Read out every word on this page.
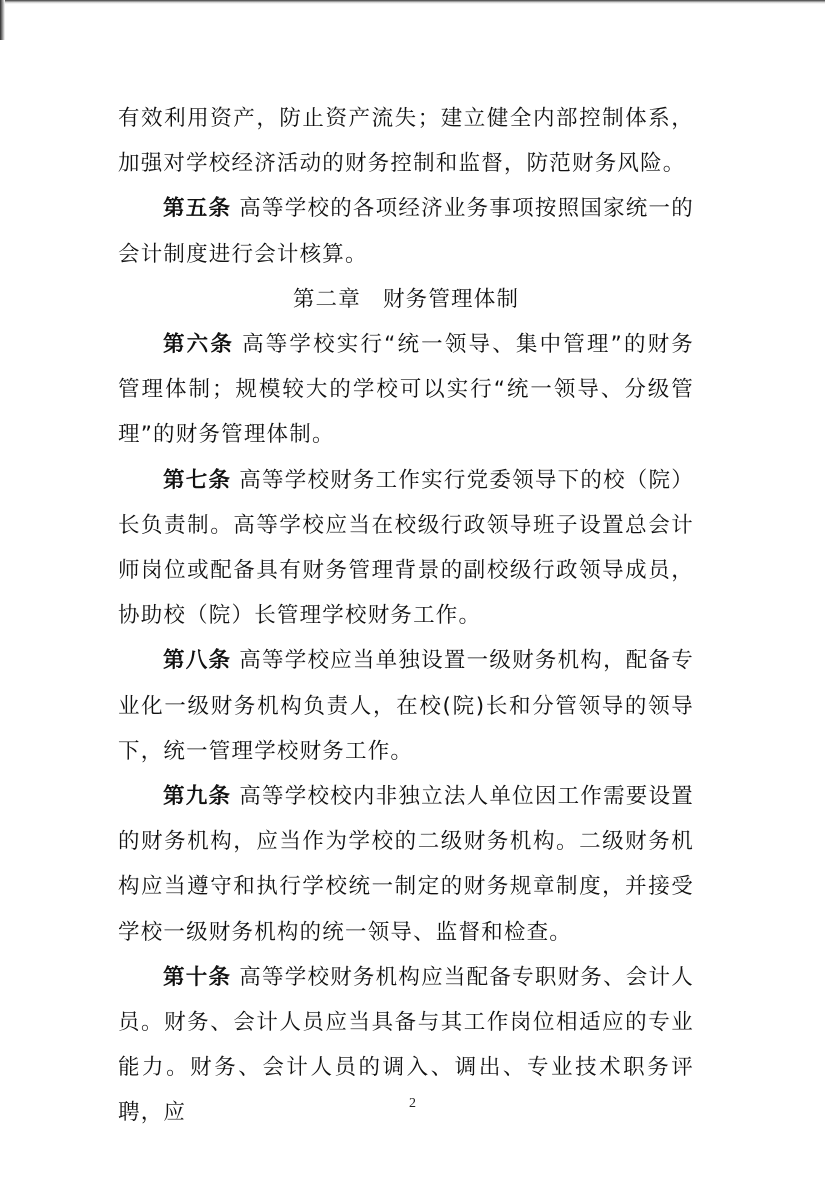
有效利用资产，防止资产流失；建立健全内部控制体系，加强对学校经济活动的财务控制和监督，防范财务风险。

第五条 高等学校的各项经济业务事项按照国家统一的会计制度进行会计核算。

第二章 财务管理体制

第六条 高等学校实行“统一领导、集中管理”的财务管理体制；规模较大的学校可以实行“统一领导、分级管理”的财务管理体制。

第七条 高等学校财务工作实行党委领导下的校（院）长负责制。高等学校应当在校级行政领导班子设置总会计师岗位或配备具有财务管理背景的副校级行政领导成员，协助校（院）长管理学校财务工作。

第八条 高等学校应当单独设置一级财务机构，配备专业化一级财务机构负责人，在校(院)长和分管领导的领导下，统一管理学校财务工作。

第九条 高等学校校内非独立法人单位因工作需要设置的财务机构，应当作为学校的二级财务机构。二级财务机构应当遵守和执行学校统一制定的财务规章制度，并接受学校一级财务机构的统一领导、监督和检查。

第十条 高等学校财务机构应当配备专职财务、会计人员。财务、会计人员应当具备与其工作岗位相适应的专业能力。财务、会计人员的调入、调出、专业技术职务评聘，应	2
